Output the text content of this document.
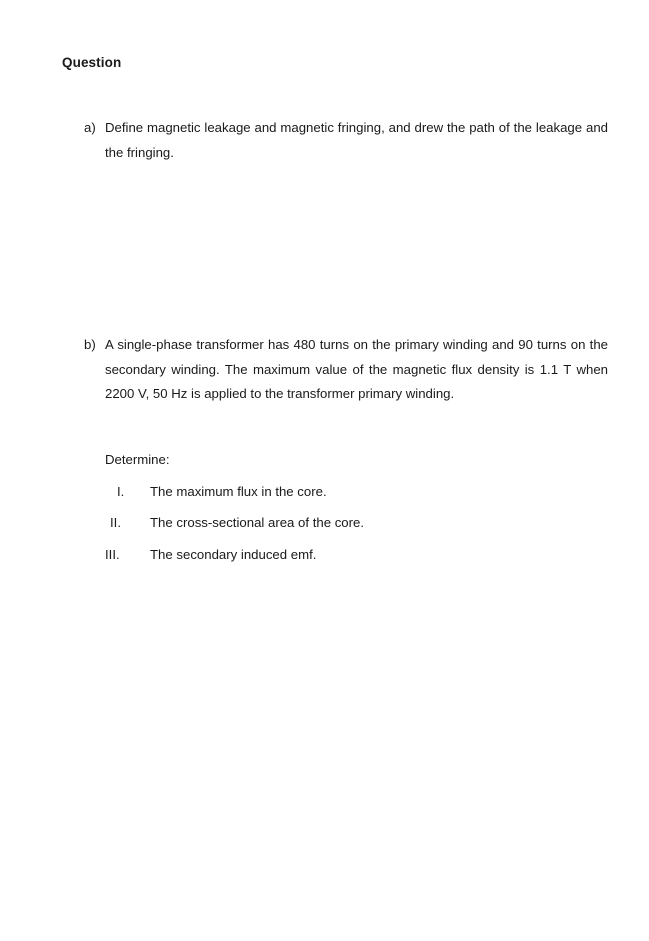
Question
a) Define magnetic leakage and magnetic fringing, and drew the path of the leakage and the fringing.
b) A single-phase transformer has 480 turns on the primary winding and 90 turns on the secondary winding. The maximum value of the magnetic flux density is 1.1 T when 2200 V, 50 Hz is applied to the transformer primary winding.
Determine:
I. The maximum flux in the core.
II. The cross-sectional area of the core.
III. The secondary induced emf.
